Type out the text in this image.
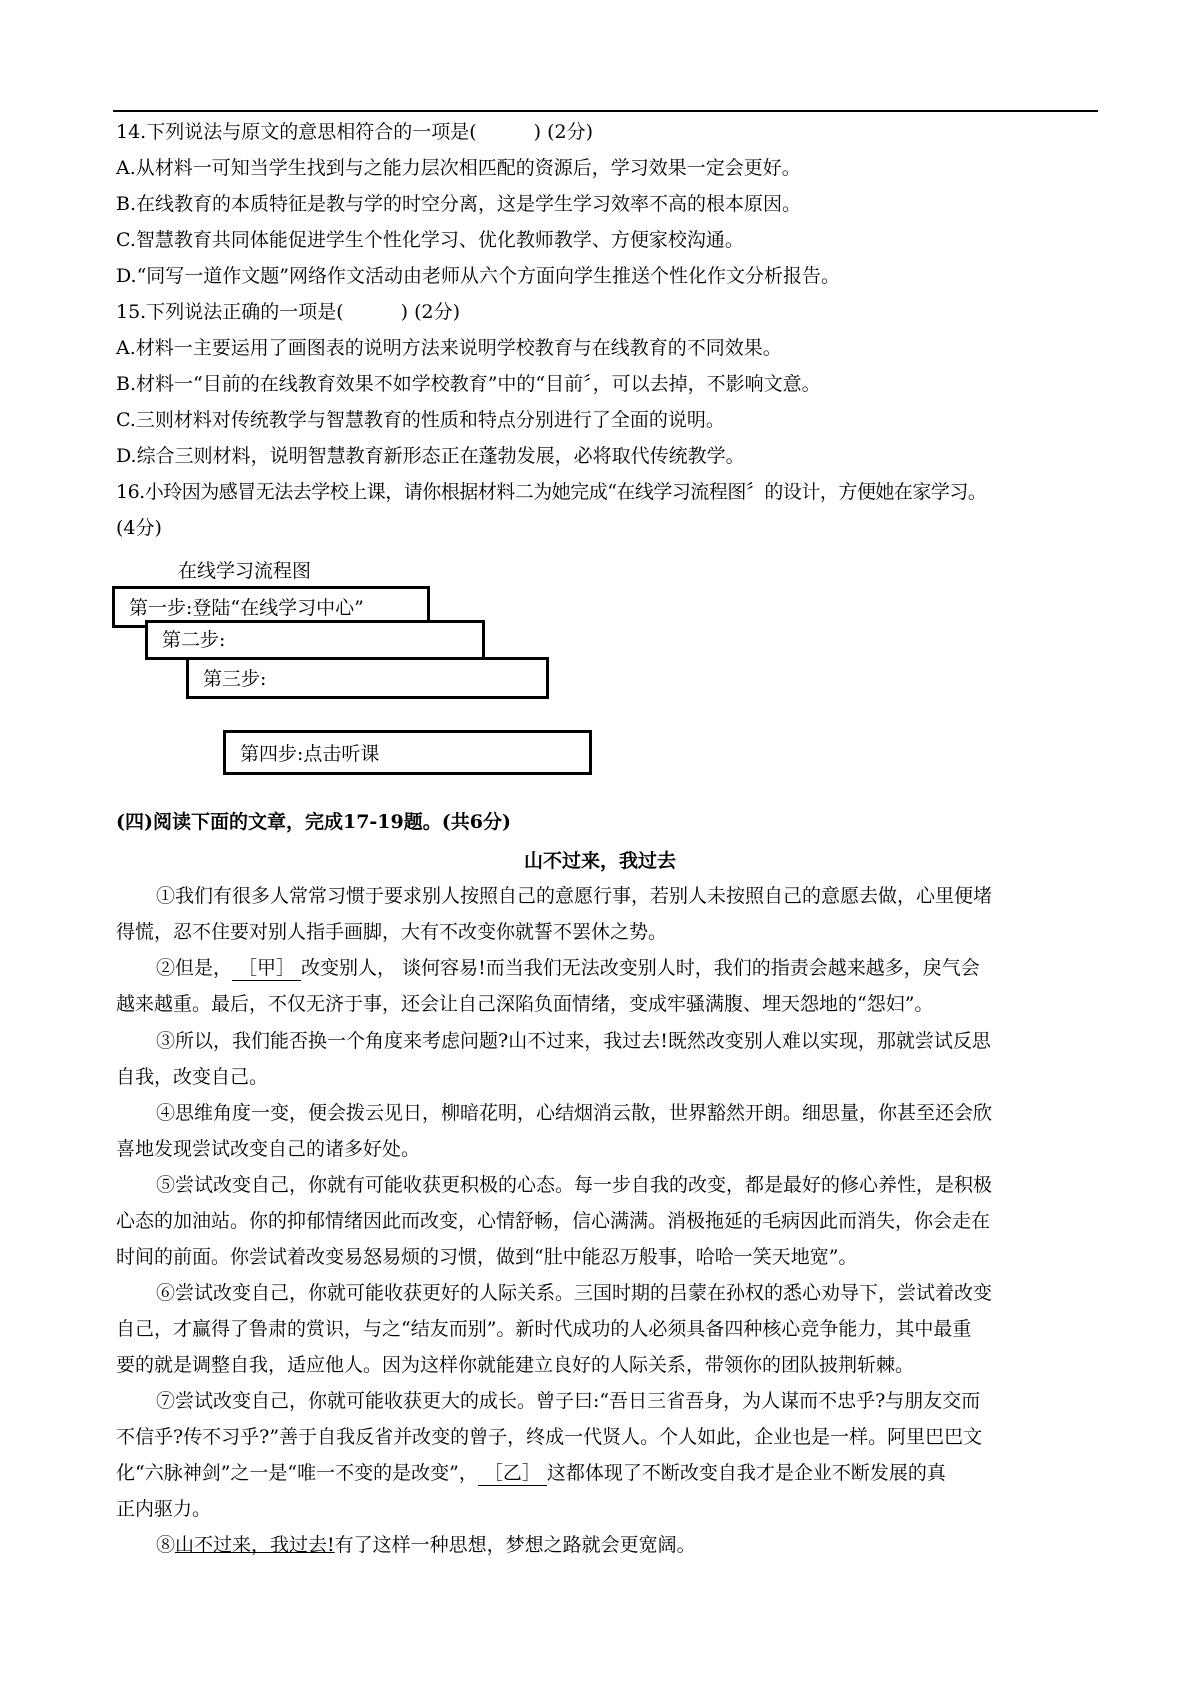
14.下列说法与原文的意思相符合的一项是(　　　) (2分)
A.从材料一可知当学生找到与之能力层次相匹配的资源后，学习效果一定会更好。
B.在线教育的本质特征是教与学的时空分离，这是学生学习效率不高的根本原因。
C.智慧教育共同体能促进学生个性化学习、优化教师教学、方便家校沟通。
D.“同写一道作文题”网络作文活动由老师从六个方面向学生推送个性化作文分析报告。
15.下列说法正确的一项是(　　　) (2分)
A.材料一主要运用了画图表的说明方法来说明学校教育与在线教育的不同效果。
B.材料一“目前的在线教育效果不如学校教育”中的“目前〞，可以去掉，不影响文意。
C.三则材料对传统教学与智慧教育的性质和特点分别进行了全面的说明。
D.综合三则材料，说明智慧教育新形态正在蓬勃发展，必将取代传统教学。
16.小玲因为感冒无法去学校上课，请你根据材料二为她完成“在线学习流程图〞的设计，方便她在家学习。
(4分)
在线学习流程图
第一步:登陆“在线学习中心”
第二步:
第三步:
第四步:点击听课
(四)阅读下面的文章，完成17-19题。(共6分)
山不过来，我过去
①我们有很多人常常习惯于要求别人按照自己的意愿行事，若别人未按照自己的意愿去做，心里便堵
得慌，忍不住要对别人指手画脚，大有不改变你就誓不罢休之势。
②但是， ［甲］ 改变别人， 谈何容易!而当我们无法改变别人时，我们的指责会越来越多，戾气会
越来越重。最后，不仅无济于事，还会让自己深陷负面情绪，变成牢骚满腹、埋天怨地的“怨妇”。
③所以，我们能否换一个角度来考虑问题?山不过来，我过去!既然改变别人难以实现，那就尝试反思
自我，改变自己。
④思维角度一变，便会拨云见日，柳暗花明，心结烟消云散，世界豁然开朗。细思量，你甚至还会欣
喜地发现尝试改变自己的诸多好处。
⑤尝试改变自己，你就有可能收获更积极的心态。每一步自我的改变，都是最好的修心养性，是积极
心态的加油站。你的抑郁情绪因此而改变，心情舒畅，信心满满。消极拖延的毛病因此而消失，你会走在
时间的前面。你尝试着改变易怒易烦的习惯，做到“肚中能忍万般事，哈哈一笑天地宽”。
⑥尝试改变自己，你就可能收获更好的人际关系。三国时期的吕蒙在孙权的悉心劝导下，尝试着改变
自己，才赢得了鲁肃的赏识，与之“结友而别”。新时代成功的人必须具备四种核心竞争能力，其中最重
要的就是调整自我，适应他人。因为这样你就能建立良好的人际关系，带领你的团队披荆斩棘。
⑦尝试改变自己，你就可能收获更大的成长。曾子曰:“吾日三省吾身，为人谋而不忠乎?与朋友交而
不信乎?传不习乎?”善于自我反省并改变的曾子，终成一代贤人。个人如此，企业也是一样。阿里巴巴文
化“六脉神剑”之一是“唯一不变的是改变”， ［乙］ 这都体现了不断改变自我才是企业不断发展的真
正内驱力。
⑧山不过来，我过去!有了这样一种思想，梦想之路就会更宽阔。
